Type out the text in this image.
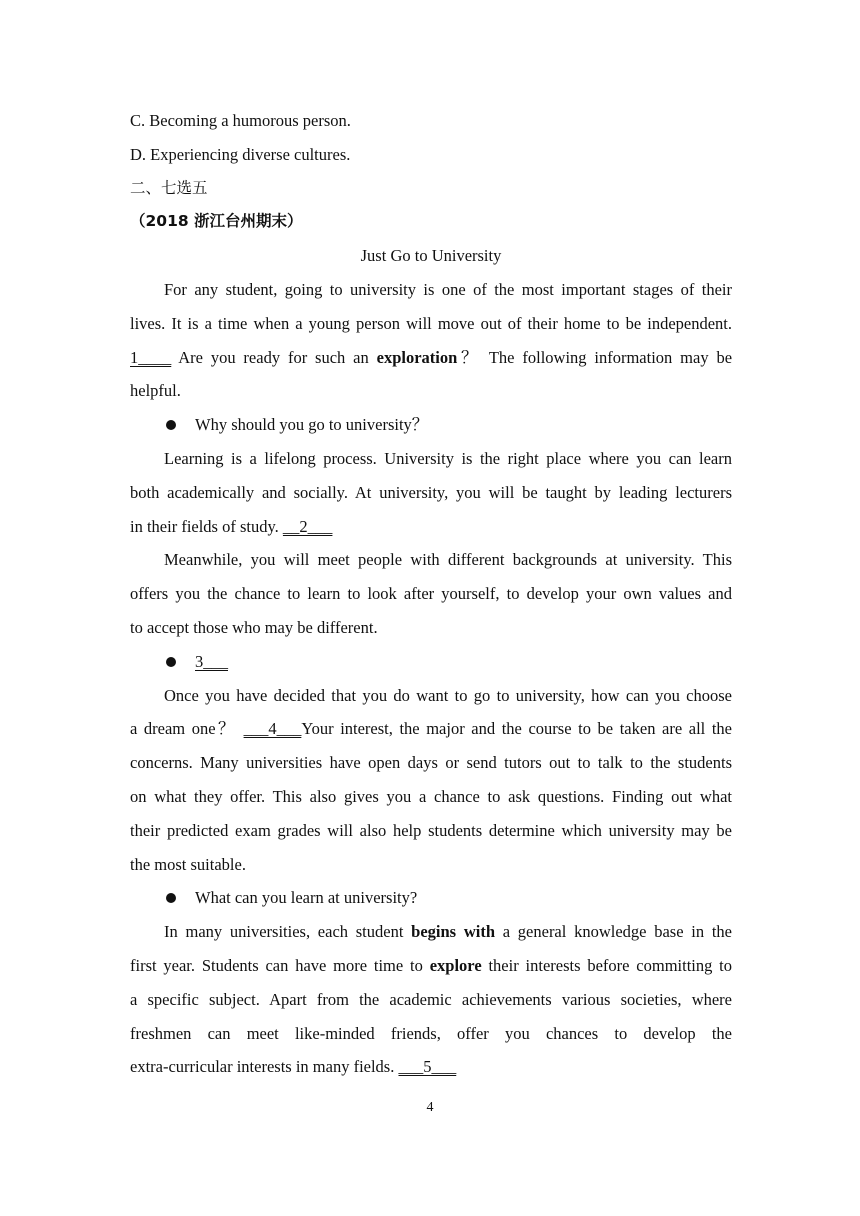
C. Becoming a humorous person.
D. Experiencing diverse cultures.
二、七选五
（2018 浙江台州期末）
Just Go to University
For any student, going to university is one of the most important stages of their
lives. It is a time when a young person will move out of their home to be independent.
1____ Are you ready for such an exploration？ The following information may be
helpful.
Why should you go to university？
Learning is a lifelong process. University is the right place where you can learn
both academically and socially. At university, you will be taught by leading lecturers
in their fields of study. __2___
Meanwhile, you will meet people with different backgrounds at university. This
offers you the chance to learn to look after yourself, to develop your own values and
to accept those who may be different.
3___
Once you have decided that you do want to go to university, how can you choose
a dream one？ ___4___Your interest, the major and the course to be taken are all the
concerns. Many universities have open days or send tutors out to talk to the students
on what they offer. This also gives you a chance to ask questions. Finding out what
their predicted exam grades will also help students determine which university may be
the most suitable.
What can you learn at university?
In many universities, each student begins with a general knowledge base in the
first year. Students can have more time to explore their interests before committing to
a specific subject. Apart from the academic achievements various societies, where
freshmen can meet like-minded friends, offer you chances to develop the
extra-curricular interests in many fields. ___5___
4
